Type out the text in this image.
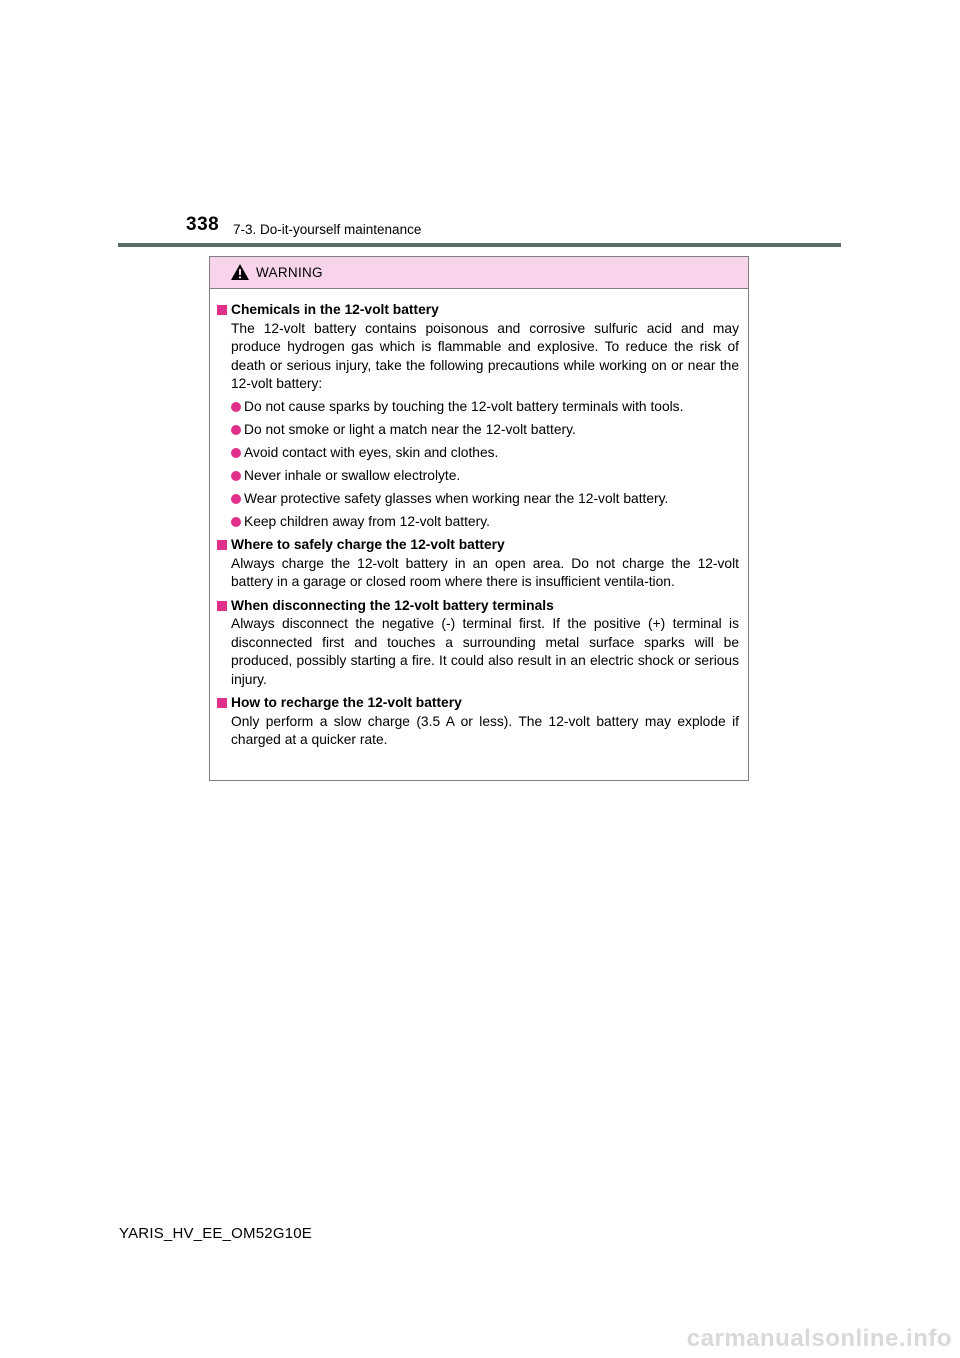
338 7-3. Do-it-yourself maintenance
WARNING
Chemicals in the 12-volt battery
The 12-volt battery contains poisonous and corrosive sulfuric acid and may produce hydrogen gas which is flammable and explosive. To reduce the risk of death or serious injury, take the following precautions while working on or near the 12-volt battery:
Do not cause sparks by touching the 12-volt battery terminals with tools.
Do not smoke or light a match near the 12-volt battery.
Avoid contact with eyes, skin and clothes.
Never inhale or swallow electrolyte.
Wear protective safety glasses when working near the 12-volt battery.
Keep children away from 12-volt battery.
Where to safely charge the 12-volt battery
Always charge the 12-volt battery in an open area. Do not charge the 12-volt battery in a garage or closed room where there is insufficient ventila-tion.
When disconnecting the 12-volt battery terminals
Always disconnect the negative (-) terminal first. If the positive (+) terminal is disconnected first and touches a surrounding metal surface sparks will be produced, possibly starting a fire. It could also result in an electric shock or serious injury.
How to recharge the 12-volt battery
Only perform a slow charge (3.5 A or less). The 12-volt battery may explode if charged at a quicker rate.
YARIS_HV_EE_OM52G10E
carmanualsonline.info
